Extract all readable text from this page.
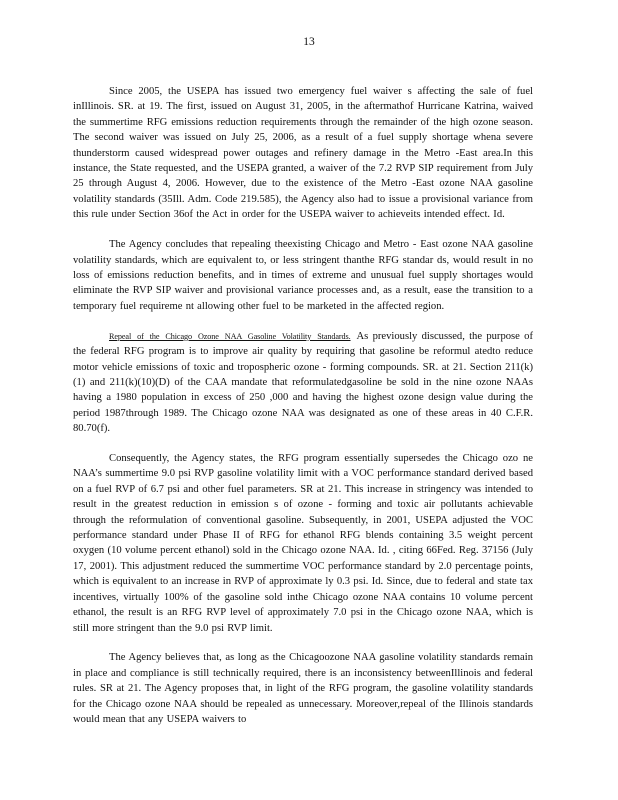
13

Since 2005, the USEPA has issued two emergency fuel waiver s affecting the sale of fuel inIllinois. SR. at 19. The first, issued on August 31, 2005, in the aftermathof Hurricane Katrina, waived the summertime RFG emissions reduction requirements through the remainder of the high ozone season. The second waiver was issued on July 25, 2006, as a result of a fuel supply shortage whena severe thunderstorm caused widespread power outages and refinery damage in the Metro -East area.In this instance, the State requested, and the USEPA granted, a waiver of the 7.2 RVP SIP requirement from July 25 through August 4, 2006. However, due to the existence of the Metro -East ozone NAA gasoline volatility standards (35Ill. Adm. Code 219.585), the Agency also had to issue a provisional variance from this rule under Section 36of the Act in order for the USEPA waiver to achieveits intended effect. Id.

The Agency concludes that repealing theexisting Chicago and Metro - East ozone NAA gasoline volatility standards, which are equivalent to, or less stringent thanthe RFG standar ds, would result in no loss of emissions reduction benefits, and in times of extreme and unusual fuel supply shortages would eliminate the RVP SIP waiver and provisional variance processes and, as a result, ease the transition to a temporary fuel requireme nt allowing other fuel to be marketed in the affected region.

Repeal of the Chicago Ozone NAA Gasoline Volatility Standards. As previously discussed, the purpose of the federal RFG program is to improve air quality by requiring that gasoline be reformul atedto reduce motor vehicle emissions of toxic and tropospheric ozone - forming compounds. SR. at 21. Section 211(k)(1) and 211(k)(10)(D) of the CAA mandate that reformulatedgasoline be sold in the nine ozone NAAs having a 1980 population in excess of 250 ,000 and having the highest ozone design value during the period 1987through 1989. The Chicago ozone NAA was designated as one of these areas in 40 C.F.R. 80.70(f).

Consequently, the Agency states, the RFG program essentially supersedes the Chicago ozo ne NAA’s summertime 9.0 psi RVP gasoline volatility limit with a VOC performance standard derived based on a fuel RVP of 6.7 psi and other fuel parameters. SR at 21. This increase in stringency was intended to result in the greatest reduction in emission s of ozone - forming and toxic air pollutants achievable through the reformulation of conventional gasoline. Subsequently, in 2001, USEPA adjusted the VOC performance standard under Phase II of RFG for ethanol RFG blends containing 3.5 weight percent oxygen (10 volume percent ethanol) sold in the Chicago ozone NAA. Id. , citing 66Fed. Reg. 37156 (July 17, 2001). This adjustment reduced the summertime VOC performance standard by 2.0 percentage points, which is equivalent to an increase in RVP of approximate ly 0.3 psi. Id. Since, due to federal and state tax incentives, virtually 100% of the gasoline sold inthe Chicago ozone NAA contains 10 volume percent ethanol, the result is an RFG RVP level of approximately 7.0 psi in the Chicago ozone NAA, which is still more stringent than the 9.0 psi RVP limit.

The Agency believes that, as long as the Chicagoozone NAA gasoline volatility standards remain in place and compliance is still technically required, there is an inconsistency betweenIllinois and federal rules. SR at 21. The Agency proposes that, in light of the RFG program, the gasoline volatility standards for the Chicago ozone NAA should be repealed as unnecessary. Moreover,repeal of the Illinois standards would mean that any USEPA waivers to
